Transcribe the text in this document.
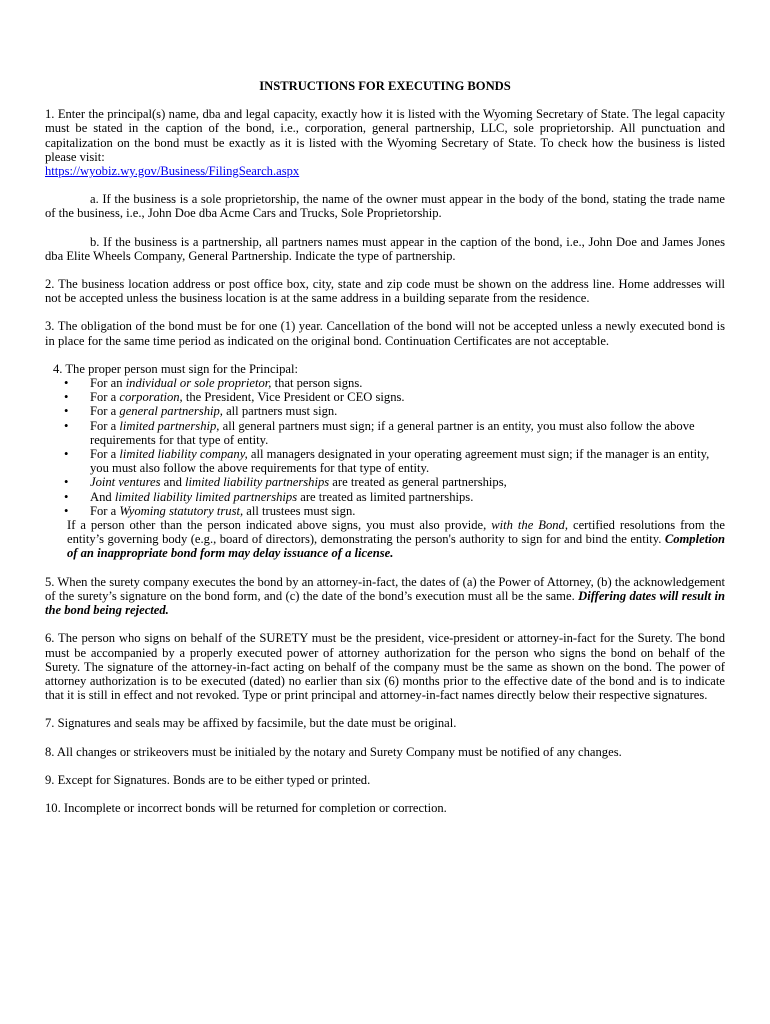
INSTRUCTIONS FOR EXECUTING BONDS

1. Enter the principal(s) name, dba and legal capacity, exactly how it is listed with the Wyoming Secretary of State. The legal capacity must be stated in the caption of the bond, i.e., corporation, general partnership, LLC, sole proprietorship. All punctuation and capitalization on the bond must be exactly as it is listed with the Wyoming Secretary of State. To check how the business is listed please visit:

https://wyobiz.wy.gov/Business/FilingSearch.aspx

a. If the business is a sole proprietorship, the name of the owner must appear in the body of the bond, stating the trade name of the business, i.e., John Doe dba Acme Cars and Trucks, Sole Proprietorship.

b. If the business is a partnership, all partners names must appear in the caption of the bond, i.e., John Doe and James Jones dba Elite Wheels Company, General Partnership. Indicate the type of partnership.

2. The business location address or post office box, city, state and zip code must be shown on the address line. Home addresses will not be accepted unless the business location is at the same address in a building separate from the residence.

3. The obligation of the bond must be for one (1) year. Cancellation of the bond will not be accepted unless a newly executed bond is in place for the same time period as indicated on the original bond. Continuation Certificates are not acceptable.

4. The proper person must sign for the Principal:

• For an individual or sole proprietor, that person signs.
• For a corporation, the President, Vice President or CEO signs.
• For a general partnership, all partners must sign.
• For a limited partnership, all general partners must sign; if a general partner is an entity, you must also follow the above requirements for that type of entity.
• For a limited liability company, all managers designated in your operating agreement must sign; if the manager is an entity, you must also follow the above requirements for that type of entity.
• Joint ventures and limited liability partnerships are treated as general partnerships,
• And limited liability limited partnerships are treated as limited partnerships.
• For a Wyoming statutory trust, all trustees must sign.

If a person other than the person indicated above signs, you must also provide, with the Bond, certified resolutions from the entity’s governing body (e.g., board of directors), demonstrating the person's authority to sign for and bind the entity. Completion of an inappropriate bond form may delay issuance of a license.

5. When the surety company executes the bond by an attorney-in-fact, the dates of (a) the Power of Attorney, (b) the acknowledgement of the surety’s signature on the bond form, and (c) the date of the bond’s execution must all be the same. Differing dates will result in the bond being rejected.

6. The person who signs on behalf of the SURETY must be the president, vice-president or attorney-in-fact for the Surety. The bond must be accompanied by a properly executed power of attorney authorization for the person who signs the bond on behalf of the Surety. The signature of the attorney-in-fact acting on behalf of the company must be the same as shown on the bond. The power of attorney authorization is to be executed (dated) no earlier than six (6) months prior to the effective date of the bond and is to indicate that it is still in effect and not revoked. Type or print principal and attorney-in-fact names directly below their respective signatures.

7. Signatures and seals may be affixed by facsimile, but the date must be original.

8. All changes or strikeovers must be initialed by the notary and Surety Company must be notified of any changes.

9. Except for Signatures. Bonds are to be either typed or printed.

10. Incomplete or incorrect bonds will be returned for completion or correction.
